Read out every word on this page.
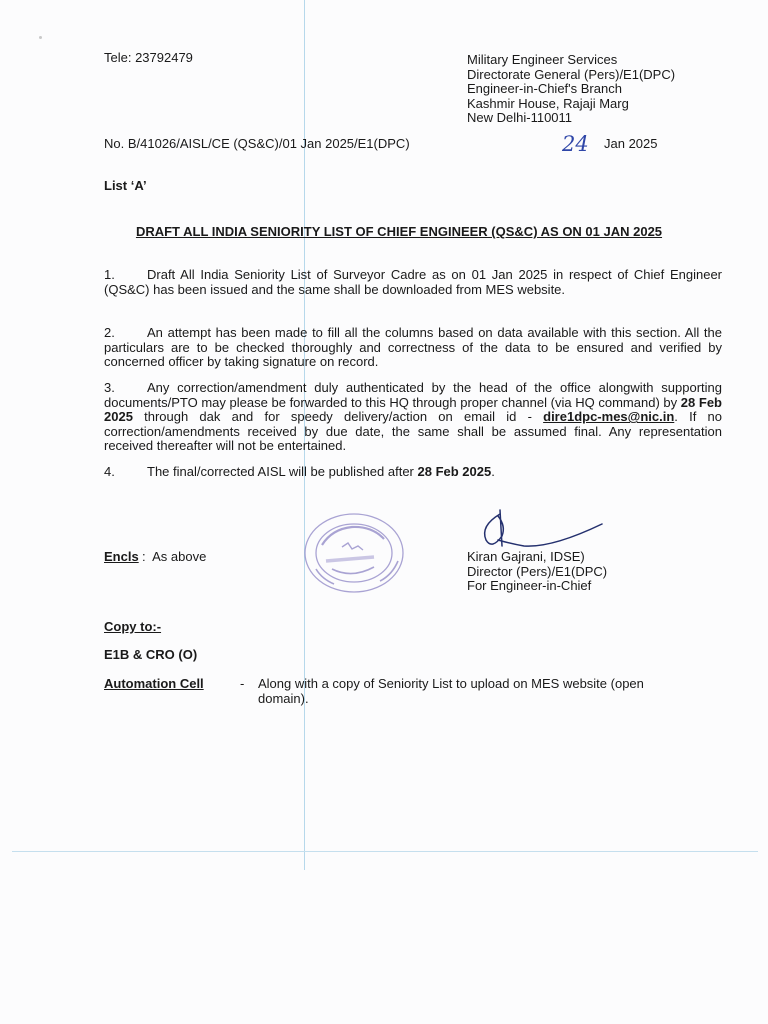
Tele: 23792479	Military Engineer Services
Directorate General (Pers)/E1(DPC)
Engineer-in-Chief's Branch
Kashmir House, Rajaji Marg
New Delhi-110011
No. B/41026/AISL/CE (QS&C)/01 Jan 2025/E1(DPC)	24 Jan 2025
List ‘A’
DRAFT ALL INDIA SENIORITY LIST OF CHIEF ENGINEER (QS&C) AS ON 01 JAN 2025
1. Draft All India Seniority List of Surveyor Cadre as on 01 Jan 2025 in respect of Chief Engineer (QS&C) has been issued and the same shall be downloaded from MES website.
2. An attempt has been made to fill all the columns based on data available with this section. All the particulars are to be checked thoroughly and correctness of the data to be ensured and verified by concerned officer by taking signature on record.
3. Any correction/amendment duly authenticated by the head of the office alongwith supporting documents/PTO may please be forwarded to this HQ through proper channel (via HQ command) by 28 Feb 2025 through dak and for speedy delivery/action on email id - dire1dpc-mes@nic.in. If no correction/amendments received by due date, the same shall be assumed final. Any representation received thereafter will not be entertained.
4. The final/corrected AISL will be published after 28 Feb 2025.
Encls : As above	Kiran Gajrani, IDSE)
Director (Pers)/E1(DPC)
For Engineer-in-Chief
Copy to:-
E1B & CRO (O)
Automation Cell	- Along with a copy of Seniority List to upload on MES website (open domain).
